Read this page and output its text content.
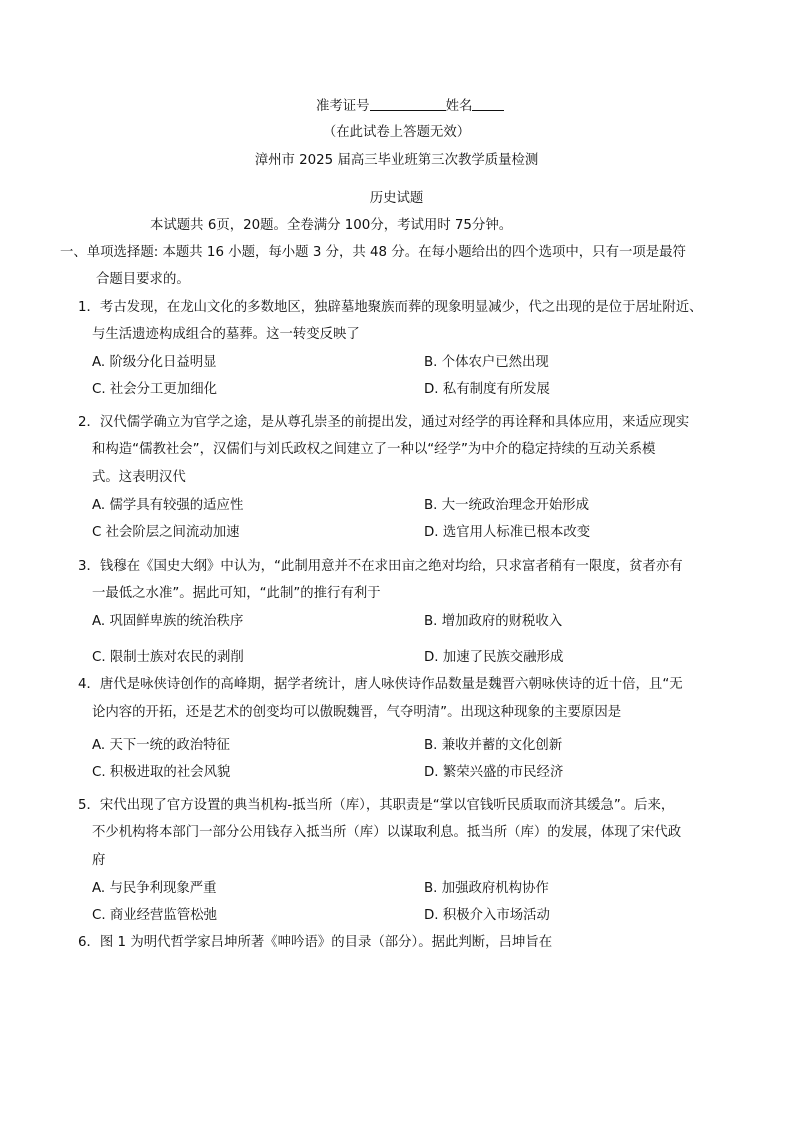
准考证号	姓名
（在此试卷上答题无效）
漳州市 2025 届高三毕业班第三次教学质量检测
历史试题
本试题共 6页，20题。全卷满分 100分，考试用时 75分钟。
一、单项选择题: 本题共 16 小题，每小题 3 分，共 48 分。在每小题给出的四个选项中，只有一项是最符
合题目要求的。
1．考古发现，在龙山文化的多数地区，独辟墓地聚族而葬的现象明显减少，代之出现的是位于居址附近、
与生活遗迹构成组合的墓葬。这一转变反映了
A. 阶级分化日益明显	B. 个体农户已然出现
C. 社会分工更加细化	D. 私有制度有所发展
2．汉代儒学确立为官学之途，是从尊孔崇圣的前提出发，通过对经学的再诠释和具体应用，来适应现实
和构造“儒教社会”，汉儒们与刘氏政权之间建立了一种以“经学”为中介的稳定持续的互动关系模
式。这表明汉代
A. 儒学具有较强的适应性	B. 大一统政治理念开始形成
C 社会阶层之间流动加速	D. 选官用人标准已根本改变
3．钱穆在《国史大纲》中认为，“此制用意并不在求田亩之绝对均给，只求富者稍有一限度，贫者亦有
一最低之水准”。据此可知，“此制”的推行有利于
A. 巩固鲜卑族的统治秩序	B. 增加政府的财税收入
C. 限制士族对农民的剥削	D. 加速了民族交融形成
4．唐代是咏侠诗创作的高峰期，据学者统计，唐人咏侠诗作品数量是魏晋六朝咏侠诗的近十倍，且“无
论内容的开拓，还是艺术的创变均可以傲睨魏晋，气夺明清”。出现这种现象的主要原因是
A. 天下一统的政治特征	B. 兼收并蓄的文化创新
C. 积极进取的社会风貌	D. 繁荣兴盛的市民经济
5．宋代出现了官方设置的典当机构-抵当所（库），其职责是“掌以官钱听民质取而济其缓急”。后来，
不少机构将本部门一部分公用钱存入抵当所（库）以谋取利息。抵当所（库）的发展，体现了宋代政
府
A. 与民争利现象严重	B. 加强政府机构协作
C. 商业经营监管松弛	D. 积极介入市场活动
6．图 1 为明代哲学家吕坤所著《呻吟语》的目录（部分）。据此判断，吕坤旨在
